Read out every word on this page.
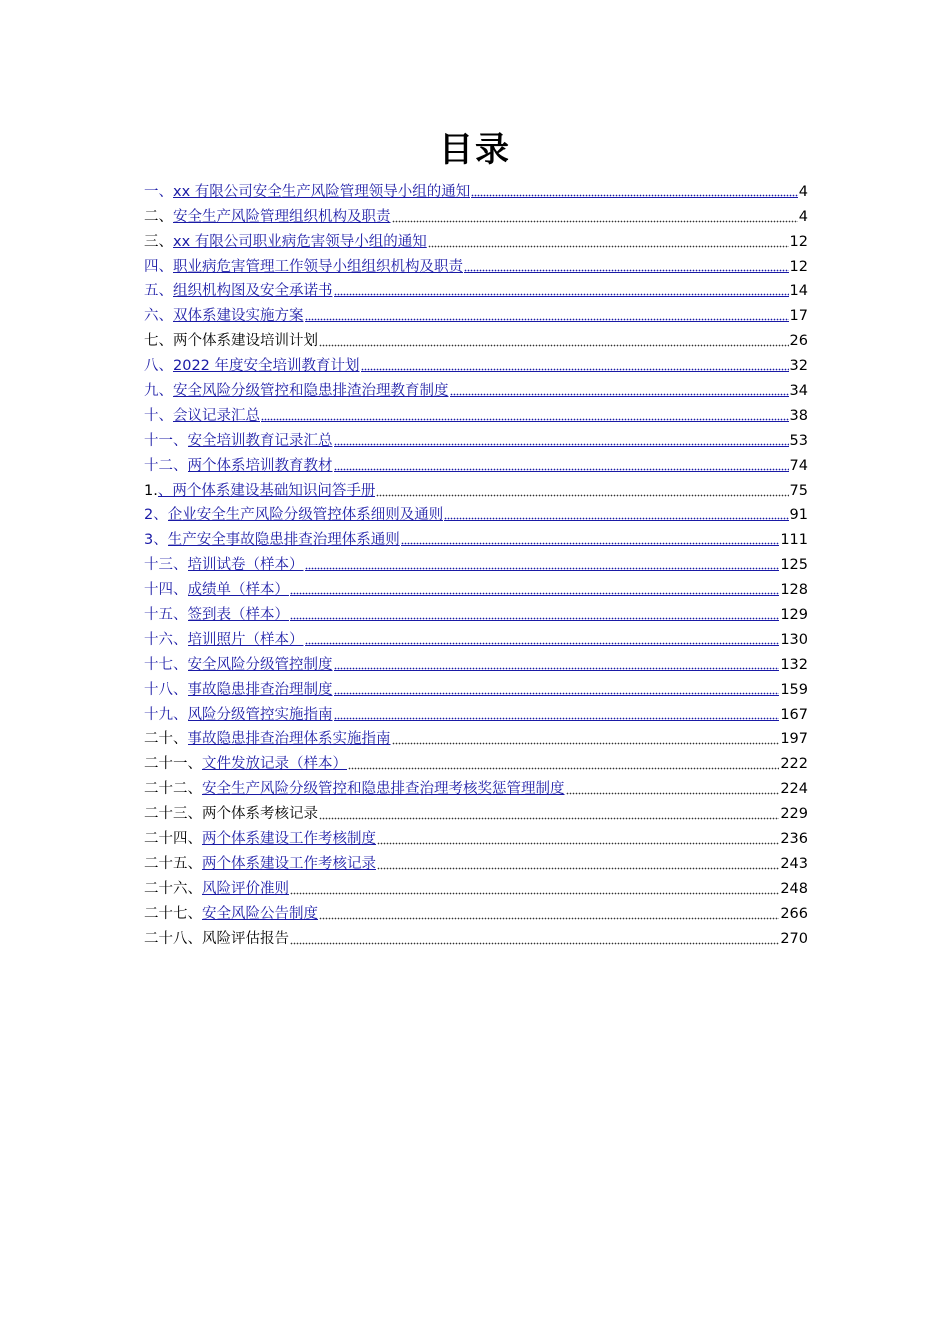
目录
一、 xx 有限公司安全生产风险管理领导小组的通知	4
二、 安全生产风险管理组织机构及职责	4
三、 xx 有限公司职业病危害领导小组的通知	12
四、 职业病危害管理工作领导小组组织机构及职责	12
五、 组织机构图及安全承诺书	14
六、 双体系建设实施方案	17
七、 两个体系建设培训计划	26
八、 2022 年度安全培训教育计划	32
九、 安全风险分级管控和隐患排渣治理教育制度	34
十、 会议记录汇总	38
十一、 安全培训教育记录汇总	53
十二、 两个体系培训教育教材	74
1. 、两个体系建设基础知识问答手册	75
2、 企业安全生产风险分级管控体系细则及通则	91
3、 生产安全事故隐患排查治理体系通则	111
十三、 培训试卷（样本）	125
十四、 成绩单（样本）	128
十五、 签到表（样本）	129
十六、 培训照片（样本）	130
十七、 安全风险分级管控制度	132
十八、 事故隐患排查治理制度	159
十九、 风险分级管控实施指南	167
二十、 事故隐患排查治理体系实施指南	197
二十一、 文件发放记录（样本）	222
二十二、 安全生产风险分级管控和隐患排查治理考核奖惩管理制度	224
二十三、 两个体系考核记录	229
二十四、 两个体系建设工作考核制度	236
二十五、 两个体系建设工作考核记录	243
二十六、 风险评价准则	248
二十七、 安全风险公告制度	266
二十八、 风险评估报告	270
